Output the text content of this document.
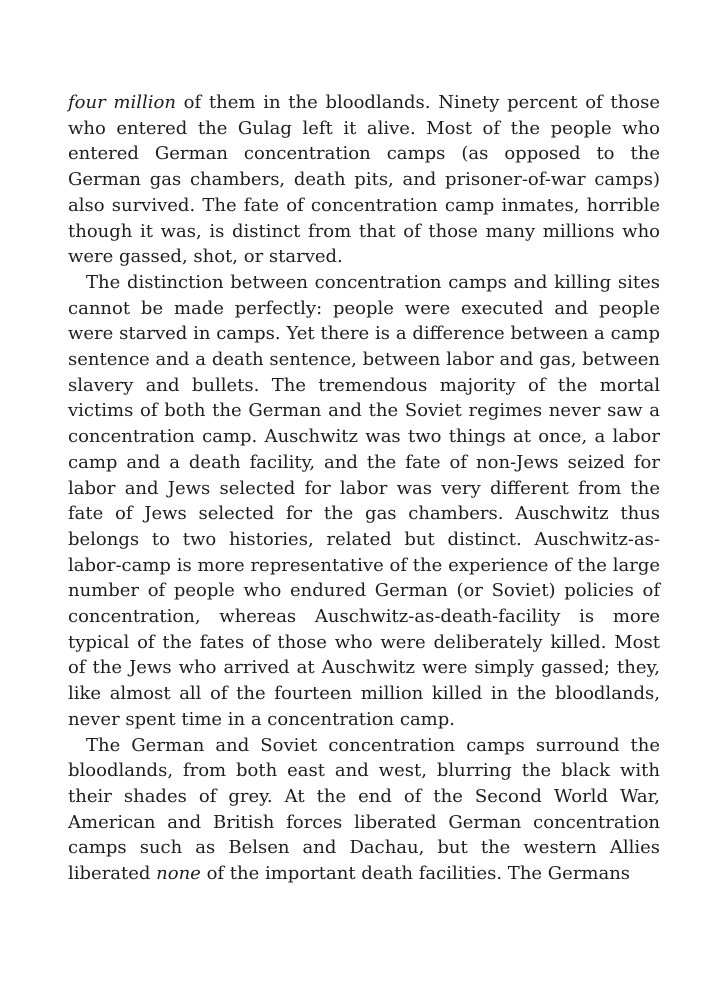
four million of them in the bloodlands. Ninety percent of those who entered the Gulag left it alive. Most of the people who entered German concentration camps (as opposed to the German gas chambers, death pits, and prisoner-of-war camps) also survived. The fate of concentration camp inmates, horrible though it was, is distinct from that of those many millions who were gassed, shot, or starved.

The distinction between concentration camps and killing sites cannot be made perfectly: people were executed and people were starved in camps. Yet there is a difference between a camp sentence and a death sentence, between labor and gas, between slavery and bullets. The tremendous majority of the mortal victims of both the German and the Soviet regimes never saw a concentration camp. Auschwitz was two things at once, a labor camp and a death facility, and the fate of non-Jews seized for labor and Jews selected for labor was very different from the fate of Jews selected for the gas chambers. Auschwitz thus belongs to two histories, related but distinct. Auschwitz-as-labor-camp is more representative of the experience of the large number of people who endured German (or Soviet) policies of concentration, whereas Auschwitz-as-death-facility is more typical of the fates of those who were deliberately killed. Most of the Jews who arrived at Auschwitz were simply gassed; they, like almost all of the fourteen million killed in the bloodlands, never spent time in a concentration camp.

The German and Soviet concentration camps surround the bloodlands, from both east and west, blurring the black with their shades of grey. At the end of the Second World War, American and British forces liberated German concentration camps such as Belsen and Dachau, but the western Allies liberated none of the important death facilities. The Germans
